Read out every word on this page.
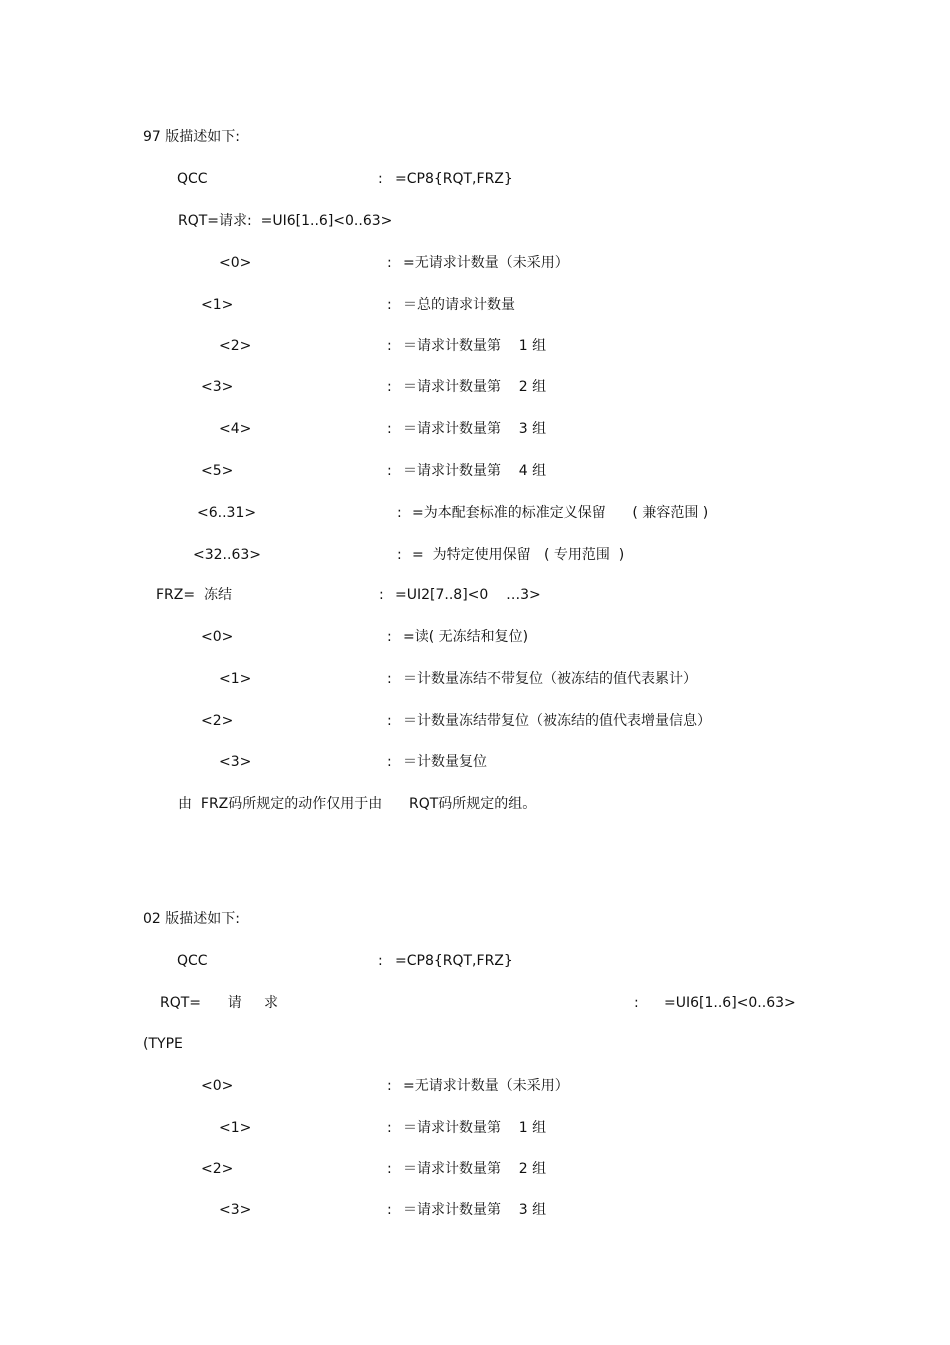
97 版描述如下:
QCC	: =CP8{RQT,FRZ}
RQT=请求:  =UI6[1..6]<0..63>
<0>	: =无请求计数量（未采用）
<1>	: ＝总的请求计数量
<2>	: ＝请求计数量第    1 组
<3>	: ＝请求计数量第    2 组
<4>	: ＝请求计数量第    3 组
<5>	: ＝请求计数量第    4 组
<6..31>	: =为本配套标准的标准定义保留      ( 兼容范围 )
<32..63>	: =  为特定使用保留   ( 专用范围  )
FRZ=  冻结	: =UI2[7..8]<0    …3>
<0>	: =读( 无冻结和复位)
<1>	: ＝计数量冻结不带复位（被冻结的值代表累计）
<2>	: ＝计数量冻结带复位（被冻结的值代表增量信息）
<3>	: ＝计数量复位
由  FRZ码所规定的动作仅用于由      RQT码所规定的组。
02 版描述如下:
QCC	: =CP8{RQT,FRZ}
RQT=      请     求	: =UI6[1..6]<0..63>
(TYPE
<0>	: =无请求计数量（未采用）
<1>	: ＝请求计数量第    1 组
<2>	: ＝请求计数量第    2 组
<3>	: ＝请求计数量第    3 组
